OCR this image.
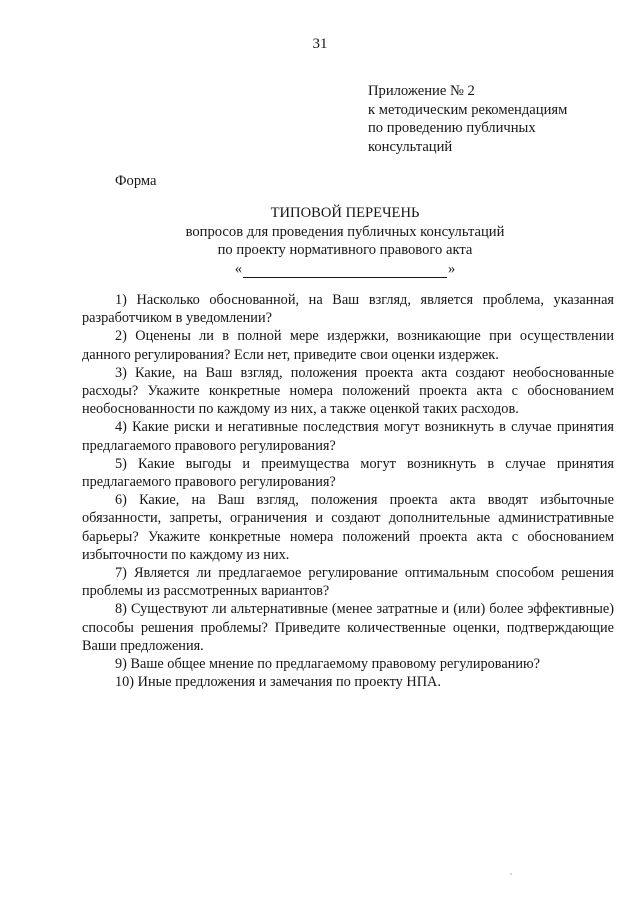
31
Приложение № 2
к методическим рекомендациям
по проведению публичных
консультаций
Форма
ТИПОВОЙ ПЕРЕЧЕНЬ
вопросов для проведения публичных консультаций
по проекту нормативного правового акта
«	»

1) Насколько обоснованной, на Ваш взгляд, является проблема, указанная разработчиком в уведомлении?

2) Оценены ли в полной мере издержки, возникающие при осуществлении данного регулирования? Если нет, приведите свои оценки издержек.

3) Какие, на Ваш взгляд, положения проекта акта создают необоснованные расходы? Укажите конкретные номера положений проекта акта с обоснованием необоснованности по каждому из них, а также оценкой таких расходов.

4) Какие риски и негативные последствия могут возникнуть в случае принятия предлагаемого правового регулирования?

5) Какие выгоды и преимущества могут возникнуть в случае принятия предлагаемого правового регулирования?

6) Какие, на Ваш взгляд, положения проекта акта вводят избыточные обязанности, запреты, ограничения и создают дополнительные административные барьеры? Укажите конкретные номера положений проекта акта с обоснованием избыточности по каждому из них.

7) Является ли предлагаемое регулирование оптимальным способом решения проблемы из рассмотренных вариантов?

8) Существуют ли альтернативные (менее затратные и (или) более эффективные) способы решения проблемы? Приведите количественные оценки, подтверждающие Ваши предложения.

9) Ваше общее мнение по предлагаемому правовому регулированию?

10) Иные предложения и замечания по проекту НПА.
